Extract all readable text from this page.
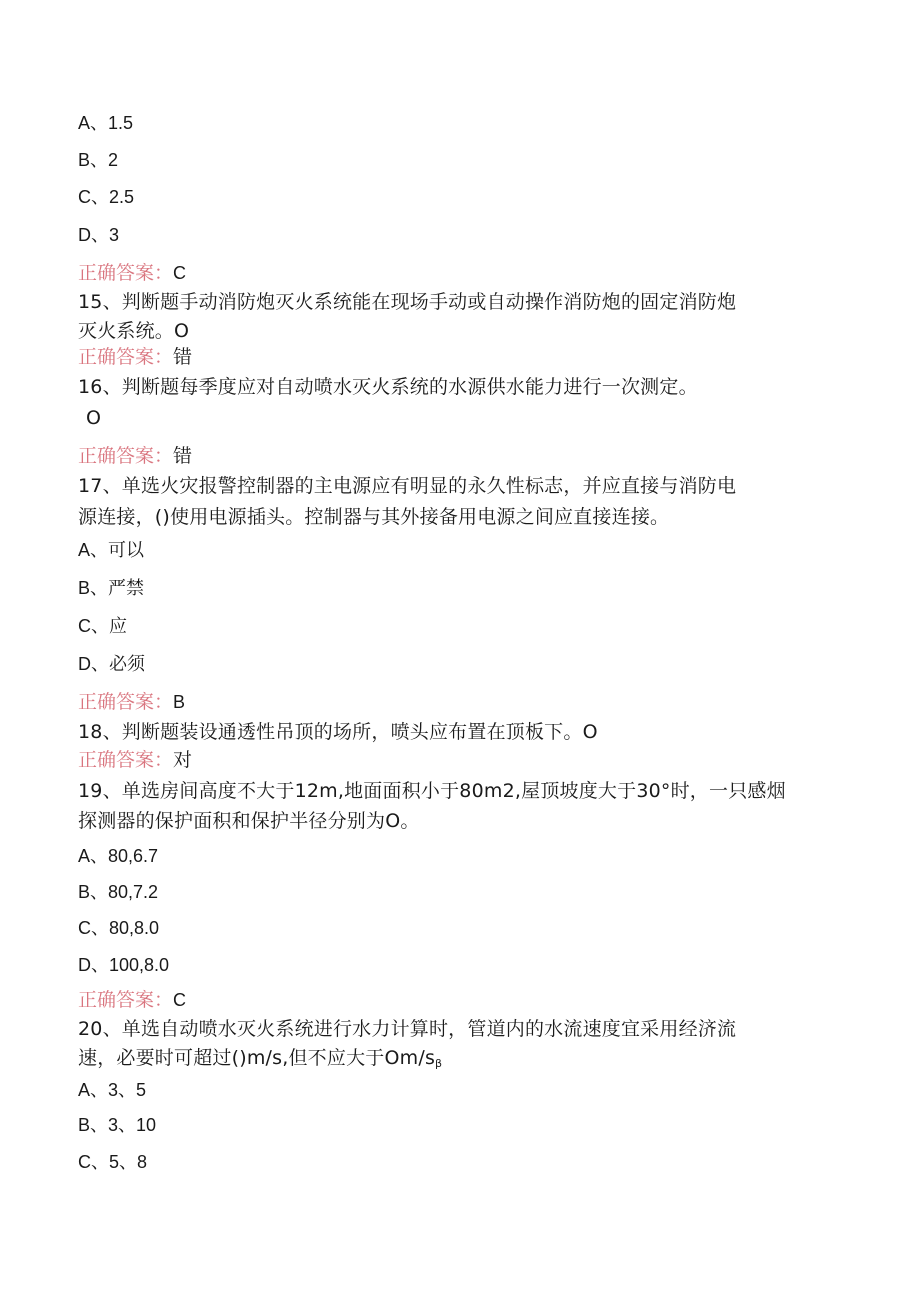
A、1.5
B、2
C、2.5
D、3
正确答案：C
15、判断题手动消防炮灭火系统能在现场手动或自动操作消防炮的固定消防炮
灭火系统。O
正确答案：错
16、判断题每季度应对自动喷水灭火系统的水源供水能力进行一次测定。
O
正确答案：错
17、单选火灾报警控制器的主电源应有明显的永久性标志，并应直接与消防电
源连接，()使用电源插头。控制器与其外接备用电源之间应直接连接。
A、可以
B、严禁
C、应
D、必须
正确答案：B
18、判断题装设通透性吊顶的场所，喷头应布置在顶板下。O
正确答案：对
19、单选房间高度不大于12m,地面面积小于80m2,屋顶坡度大于30°时，一只感烟
探测器的保护面积和保护半径分别为O。
A、80,6.7
B、80,7.2
C、80,8.0
D、100,8.0
正确答案：C
20、单选自动喷水灭火系统进行水力计算时，管道内的水流速度宜采用经济流
速，必要时可超过()m∕s,但不应大于$Om∕s_\beta$
A、3、5
B、3、10
C、5、8
